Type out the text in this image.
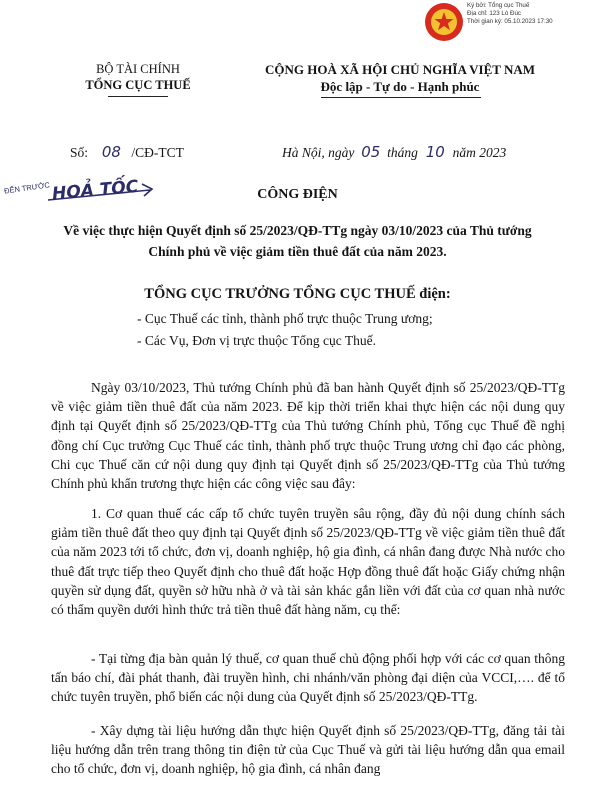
Ký bởi: Tổng cục Thuế
Địa chỉ: 123 Lò Đúc
Thời gian ký: 05.10.2023 17:30
BỘ TÀI CHÍNH
TỔNG CỤC THUẾ
CỘNG HOÀ XÃ HỘI CHỦ NGHĨA VIỆT NAM
Độc lập - Tự do - Hạnh phúc
Số: 08 /CĐ-TCT	Hà Nội, ngày 05 tháng 10 năm 2023
ĐẾN TRƯỚC HOẢ TỐC	CÔNG ĐIỆN
Về việc thực hiện Quyết định số 25/2023/QĐ-TTg ngày 03/10/2023 của Thủ tướng Chính phủ về việc giảm tiền thuê đất của năm 2023.
TỔNG CỤC TRƯỞNG TỔNG CỤC THUẾ điện:
- Cục Thuế các tỉnh, thành phố trực thuộc Trung ương;
- Các Vụ, Đơn vị trực thuộc Tổng cục Thuế.
Ngày 03/10/2023, Thủ tướng Chính phủ đã ban hành Quyết định số 25/2023/QĐ-TTg về việc giảm tiền thuê đất của năm 2023. Để kịp thời triển khai thực hiện các nội dung quy định tại Quyết định số 25/2023/QĐ-TTg của Thủ tướng Chính phủ, Tổng cục Thuế đề nghị đồng chí Cục trưởng Cục Thuế các tỉnh, thành phố trực thuộc Trung ương chỉ đạo các phòng, Chi cục Thuế căn cứ nội dung quy định tại Quyết định số 25/2023/QĐ-TTg của Thủ tướng Chính phủ khẩn trương thực hiện các công việc sau đây:
1. Cơ quan thuế các cấp tổ chức tuyên truyền sâu rộng, đầy đủ nội dung chính sách giảm tiền thuê đất theo quy định tại Quyết định số 25/2023/QĐ-TTg về việc giảm tiền thuê đất của năm 2023 tới tổ chức, đơn vị, doanh nghiệp, hộ gia đình, cá nhân đang được Nhà nước cho thuê đất trực tiếp theo Quyết định cho thuê đất hoặc Hợp đồng thuê đất hoặc Giấy chứng nhận quyền sử dụng đất, quyền sở hữu nhà ở và tài sản khác gắn liền với đất của cơ quan nhà nước có thẩm quyền dưới hình thức trả tiền thuê đất hàng năm, cụ thể:
- Tại từng địa bàn quản lý thuế, cơ quan thuế chủ động phối hợp với các cơ quan thông tấn báo chí, đài phát thanh, đài truyền hình, chi nhánh/văn phòng đại diện của VCCI,…. để tổ chức tuyên truyền, phổ biến các nội dung của Quyết định số 25/2023/QĐ-TTg.
- Xây dựng tài liệu hướng dẫn thực hiện Quyết định số 25/2023/QĐ-TTg, đăng tải tài liệu hướng dẫn trên trang thông tin điện tử của Cục Thuế và gửi tài liệu hướng dẫn qua email cho tổ chức, đơn vị, doanh nghiệp, hộ gia đình, cá nhân đang
